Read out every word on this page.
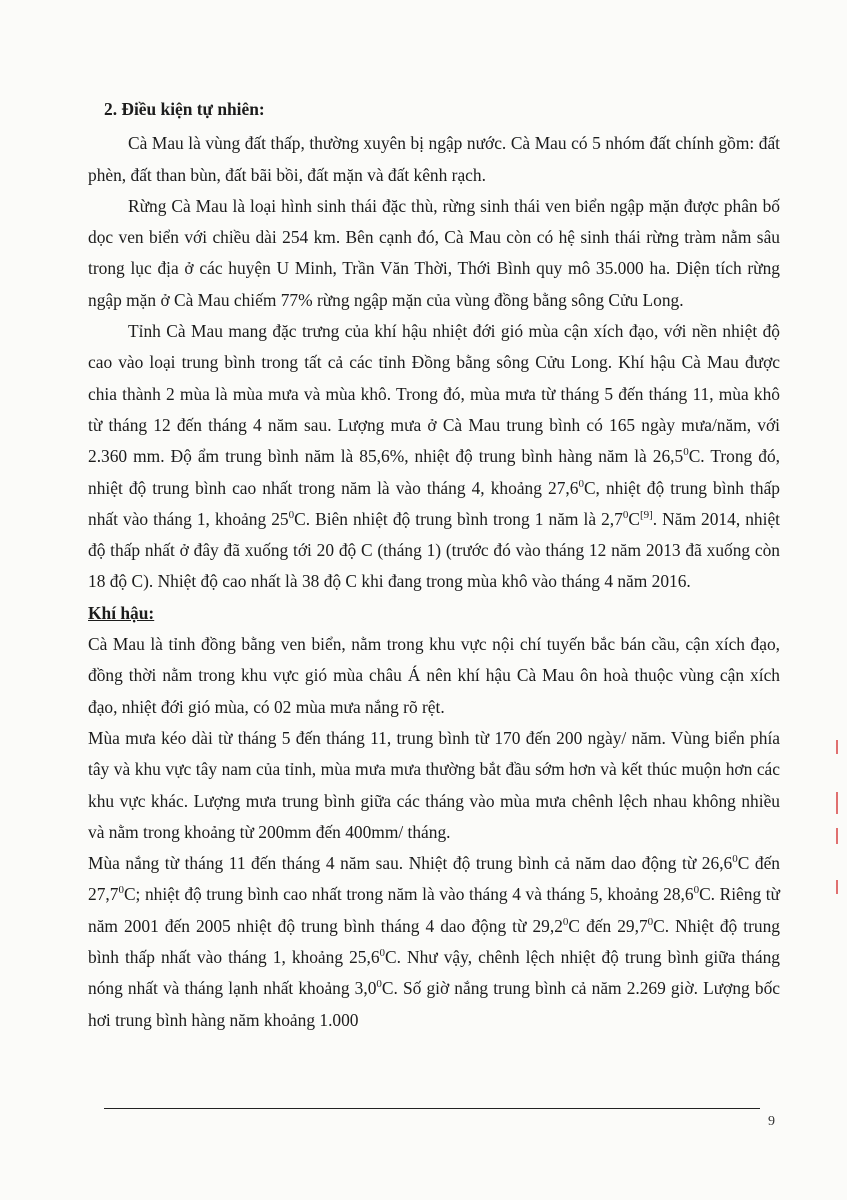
2. Điều kiện tự nhiên:

Cà Mau là vùng đất thấp, thường xuyên bị ngập nước. Cà Mau có 5 nhóm đất chính gồm: đất phèn, đất than bùn, đất bãi bồi, đất mặn và đất kênh rạch.

Rừng Cà Mau là loại hình sinh thái đặc thù, rừng sinh thái ven biển ngập mặn được phân bố dọc ven biển với chiều dài 254 km. Bên cạnh đó, Cà Mau còn có hệ sinh thái rừng tràm nằm sâu trong lục địa ở các huyện U Minh, Trần Văn Thời, Thới Bình quy mô 35.000 ha. Diện tích rừng ngập mặn ở Cà Mau chiếm 77% rừng ngập mặn của vùng đồng bằng sông Cửu Long.

Tỉnh Cà Mau mang đặc trưng của khí hậu nhiệt đới gió mùa cận xích đạo, với nền nhiệt độ cao vào loại trung bình trong tất cả các tỉnh Đồng bằng sông Cửu Long. Khí hậu Cà Mau được chia thành 2 mùa là mùa mưa và mùa khô. Trong đó, mùa mưa từ tháng 5 đến tháng 11, mùa khô từ tháng 12 đến tháng 4 năm sau. Lượng mưa ở Cà Mau trung bình có 165 ngày mưa/năm, với 2.360 mm. Độ ẩm trung bình năm là 85,6%, nhiệt độ trung bình hàng năm là 26,5$^0$C. Trong đó, nhiệt độ trung bình cao nhất trong năm là vào tháng 4, khoảng 27,6$^0$C, nhiệt độ trung bình thấp nhất vào tháng 1, khoảng $25^0C$. Biên nhiệt độ trung bình trong 1 năm là $2,7^0C[9]$. Năm 2014, nhiệt độ thấp nhất ở đây đã xuống tới 20 độ C (tháng 1) (trước đó vào tháng 12 năm 2013 đã xuống còn 18 độ C). Nhiệt độ cao nhất là 38 độ C khi đang trong mùa khô vào tháng 4 năm 2016.

Khí hậu:

Cà Mau là tỉnh đồng bằng ven biển, nằm trong khu vực nội chí tuyến bắc bán cầu, cận xích đạo, đồng thời nằm trong khu vực gió mùa châu Á nên khí hậu Cà Mau ôn hoà thuộc vùng cận xích đạo, nhiệt đới gió mùa, có 02 mùa mưa nắng rõ rệt.

Mùa mưa kéo dài từ tháng 5 đến tháng 11, trung bình từ 170 đến 200 ngày/ năm. Vùng biển phía tây và khu vực tây nam của tỉnh, mùa mưa mưa thường bắt đầu sớm hơn và kết thúc muộn hơn các khu vực khác. Lượng mưa trung bình giữa các tháng vào mùa mưa chênh lệch nhau không nhiều và nằm trong khoảng từ 200mm đến 400mm/ tháng.

Mùa nắng từ tháng 11 đến tháng 4 năm sau. Nhiệt độ trung bình cả năm dao động từ 26,6$^0$C đến 27,7$^0$C; nhiệt độ trung bình cao nhất trong năm là vào tháng 4 và tháng 5, khoảng 28,6$^0$C. Riêng từ năm 2001 đến 2005 nhiệt độ trung bình tháng 4 dao động từ 29,2$^0$C đến 29,7$^0$C. Nhiệt độ trung bình thấp nhất vào tháng 1, khoảng 25,6$^0$C. Như vậy, chênh lệch nhiệt độ trung bình giữa tháng nóng nhất và tháng lạnh nhất khoảng $3,0^0C$. Số giờ nắng trung bình cả năm 2.269 giờ. Lượng bốc hơi trung bình hàng năm khoảng 1.000

9
